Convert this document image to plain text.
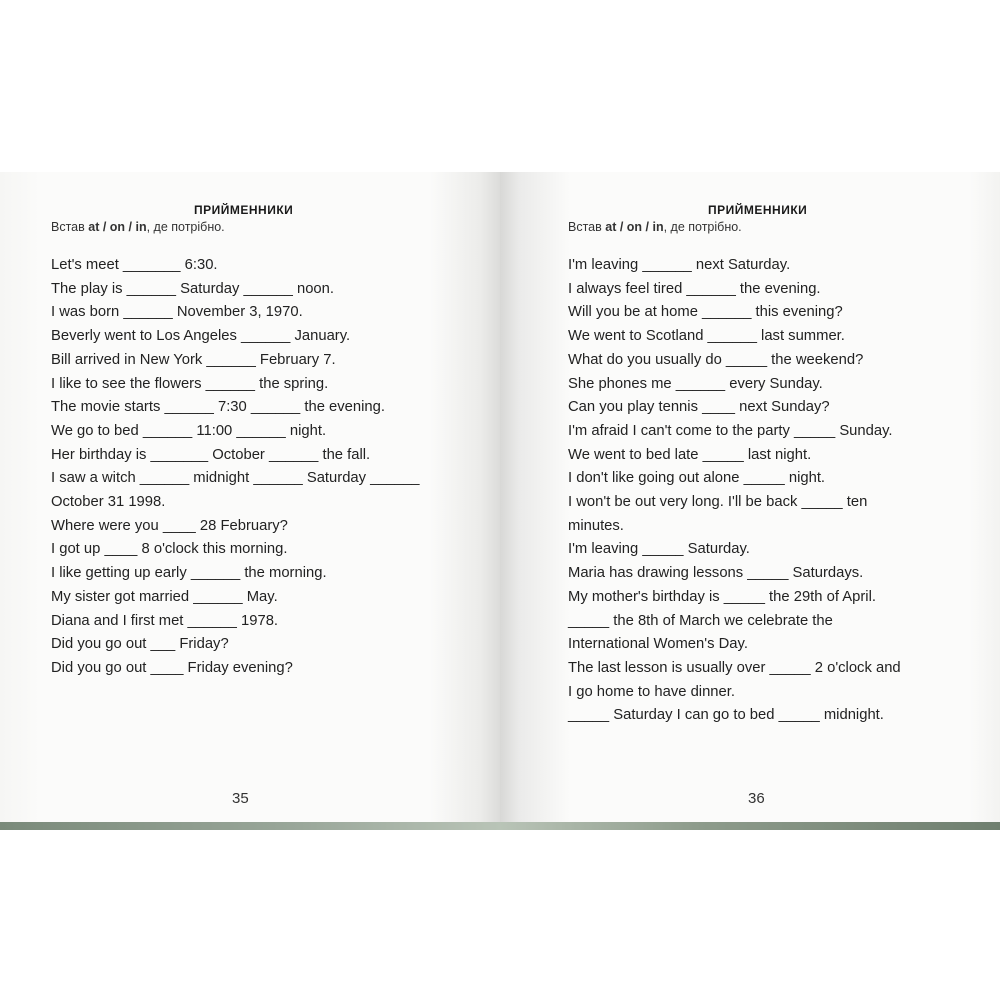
ПРИЙМЕННИКИ
Встав at / on / in, де потрібно.
Let's meet _______ 6:30.
The play is ______ Saturday ______ noon.
I was born ______ November 3, 1970.
Beverly went to Los Angeles ______ January.
Bill arrived in New York ______ February 7.
I like to see the flowers ______ the spring.
The movie starts ______ 7:30 ______ the evening.
We go to bed ______ 11:00 ______ night.
Her birthday is _______ October ______ the fall.
I saw a witch ______ midnight ______ Saturday ______
October 31 1998.
Where were you ____ 28 February?
I got up ____ 8 o'clock this morning.
I like getting up early ______ the morning.
My sister got married ______ May.
Diana and I first met ______ 1978.
Did you go out ___ Friday?
Did you go out ____ Friday evening?
35
ПРИЙМЕННИКИ
Встав at / on / in, де потрібно.
I'm leaving ______ next Saturday.
I always feel tired ______ the evening.
Will you be at home ______ this evening?
We went to Scotland ______ last summer.
What do you usually do _____ the weekend?
She phones me ______ every Sunday.
Can you play tennis ____ next Sunday?
I'm afraid I can't come to the party _____ Sunday.
We went to bed late _____ last night.
I don't like going out alone _____ night.
I won't be out very long. I'll be back _____ ten
minutes.
I'm leaving _____ Saturday.
Maria has drawing lessons _____ Saturdays.
My mother's birthday is _____ the 29th of April.
_____ the 8th of March we celebrate the
International Women's Day.
The last lesson is usually over _____ 2 o'clock and
I go home to have dinner.
_____ Saturday I can go to bed _____ midnight.
36
